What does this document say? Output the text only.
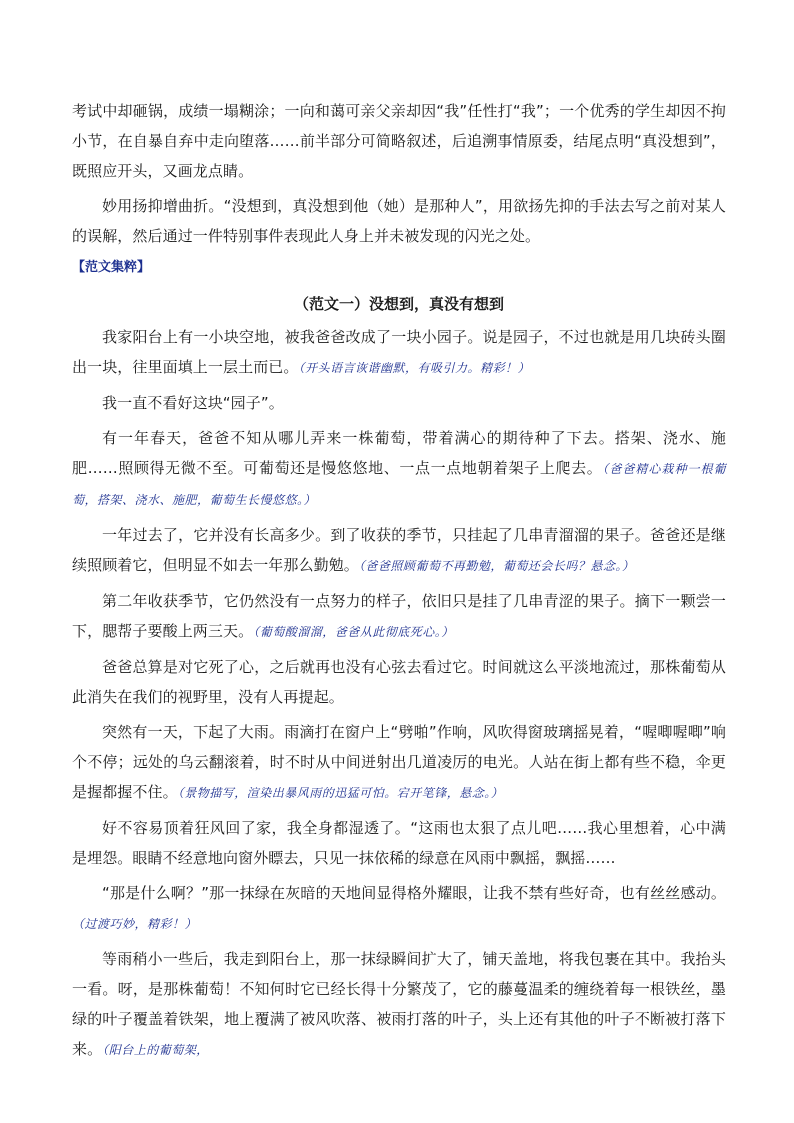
考试中却砸锅，成绩一塌糊涂；一向和蔼可亲父亲却因“我”任性打“我”；一个优秀的学生却因不拘小节，在自暴自弃中走向堕落……前半部分可简略叙述，后追溯事情原委，结尾点明“真没想到”，既照应开头，又画龙点睛。

妙用扬抑增曲折。“没想到，真没想到他（她）是那种人”，用欲扬先抑的手法去写之前对某人的误解，然后通过一件特别事件表现此人身上并未被发现的闪光之处。

【范文集粹】
（范文一）没想到，真没有想到

我家阳台上有一小块空地，被我爸爸改成了一块小园子。说是园子，不过也就是用几块砖头圈出一块，往里面填上一层土而已。（开头语言诙谐幽默，有吸引力。精彩！）

我一直不看好这块“园子”。

有一年春天，爸爸不知从哪儿弄来一株葡萄，带着满心的期待种了下去。搭架、浇水、施肥……照顾得无微不至。可葡萄还是慢悠悠地、一点一点地朝着架子上爬去。（爸爸精心栽种一根葡萄，搭架、浇水、施肥，葡萄生长慢悠悠。）

一年过去了，它并没有长高多少。到了收获的季节，只挂起了几串青溜溜的果子。爸爸还是继续照顾着它，但明显不如去一年那么勤勉。（爸爸照顾葡萄不再勤勉，葡萄还会长吗？悬念。）

第二年收获季节，它仍然没有一点努力的样子，依旧只是挂了几串青涩的果子。摘下一颗尝一下，腮帮子要酸上两三天。（葡萄酸溜溜，爸爸从此彻底死心。）

爸爸总算是对它死了心，之后就再也没有心弦去看过它。时间就这么平淡地流过，那株葡萄从此消失在我们的视野里，没有人再提起。

突然有一天，下起了大雨。雨滴打在窗户上“劈啪”作响，风吹得窗玻璃摇晃着，“喔唧喔唧”响个不停；远处的乌云翻滚着，时不时从中间迸射出几道凌厉的电光。人站在街上都有些不稳，伞更是握都握不住。（景物描写，渲染出暴风雨的迅猛可怕。宕开笔锋，悬念。）

好不容易顶着狂风回了家，我全身都湿透了。“这雨也太狠了点儿吧……我心里想着，心中满是埋怨。眼睛不经意地向窗外瞟去，只见一抹依稀的绿意在风雨中飘摇，飘摇……

“那是什么啊？”那一抹绿在灰暗的天地间显得格外耀眼，让我不禁有些好奇，也有丝丝感动。（过渡巧妙，精彩！）

等雨稍小一些后，我走到阳台上，那一抹绿瞬间扩大了，铺天盖地，将我包裹在其中。我抬头一看。呀，是那株葡萄！不知何时它已经长得十分繁茂了，它的藤蔓温柔的缠绕着每一根铁丝，墨绿的叶子覆盖着铁架，地上覆满了被风吹落、被雨打落的叶子，头上还有其他的叶子不断被打落下来。（阳台上的葡萄架，
